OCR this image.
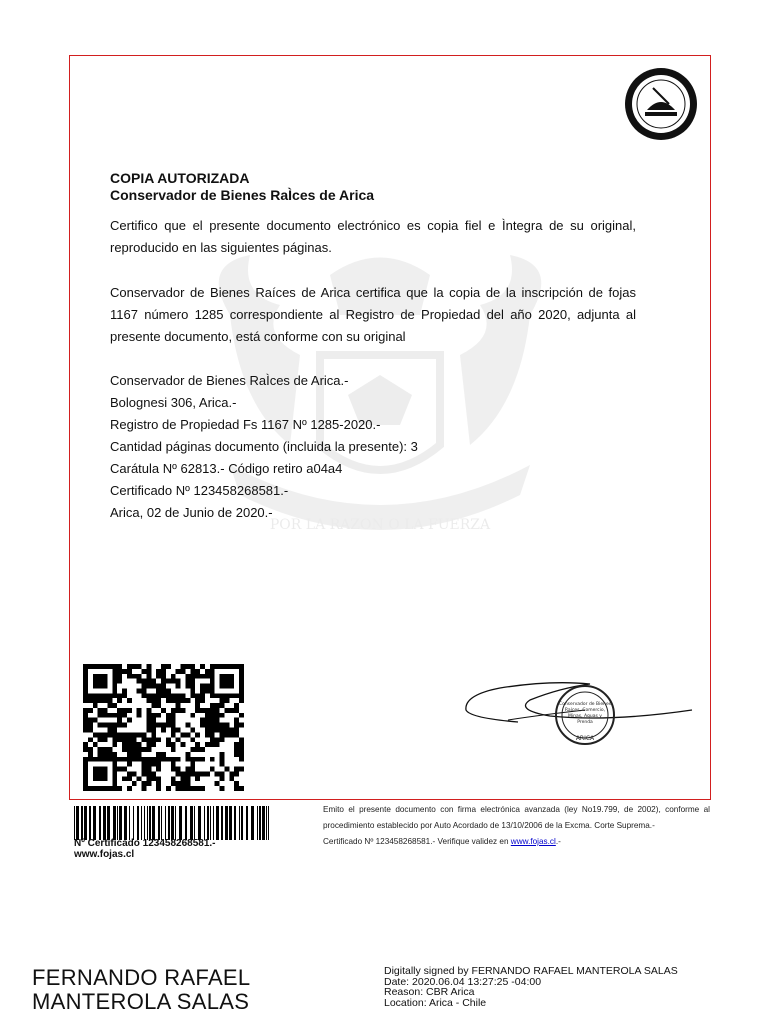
POR LA RAZON O LA FUERZA
COPIA AUTORIZADA
Conservador de Bienes RaÌces de Arica
Certifico que el presente documento electrónico es copia fiel e Ìntegra de su original, reproducido en las siguientes páginas.
Conservador de Bienes Raíces de Arica certifica que la copia de la inscripción de fojas 1167 número 1285 correspondiente al Registro de Propiedad del año 2020, adjunta al presente documento, está conforme con su original
Conservador de Bienes RaÌces de Arica.-
Bolognesi 306, Arica.-
Registro de Propiedad Fs 1167 Nº 1285-2020.-
Cantidad páginas documento (incluida la presente): 3
Carátula Nº 62813.- Código retiro a04a4
Certificado Nº 123458268581.-
Arica, 02 de Junio de 2020.-
Conservador de Bienes
Raíces, Comercio,
Minas, Aguas y
Prenda
ARICA
Nº Certificado 123458268581.-
www.fojas.cl
Emito el presente documento con firma electrónica avanzada (ley No19.799, de 2002), conforme al procedimiento establecido por Auto Acordado de 13/10/2006 de la Excma. Corte Suprema.-
Certificado Nº 123458268581.- Verifique validez en www.fojas.cl.-
FERNANDO RAFAEL
MANTEROLA SALAS
Digitally signed by FERNANDO RAFAEL MANTEROLA SALAS
Date: 2020.06.04 13:27:25 -04:00
Reason: CBR Arica
Location: Arica - Chile
